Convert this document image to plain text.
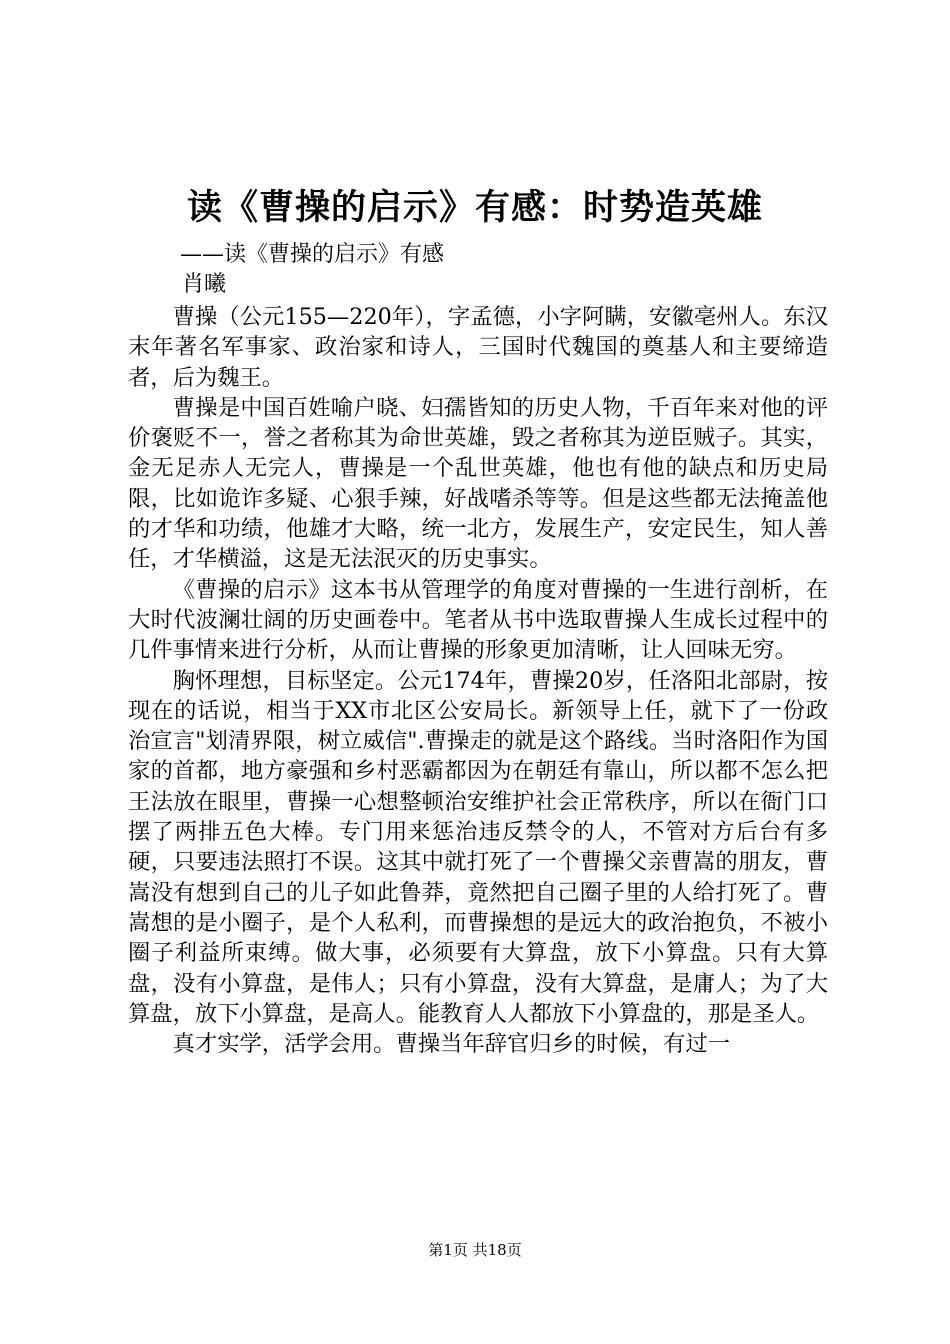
读《曹操的启示》有感：时势造英雄
——读《曹操的启示》有感
肖曦

曹操（公元155—220年），字孟德，小字阿瞒，安徽亳州人。东汉末年著名军事家、政治家和诗人，三国时代魏国的奠基人和主要缔造者，后为魏王。

曹操是中国百姓喻户晓、妇孺皆知的历史人物，千百年来对他的评价褒贬不一，誉之者称其为命世英雄，毁之者称其为逆臣贼子。其实，金无足赤人无完人，曹操是一个乱世英雄，他也有他的缺点和历史局限，比如诡诈多疑、心狠手辣，好战嗜杀等等。但是这些都无法掩盖他的才华和功绩，他雄才大略，统一北方，发展生产，安定民生，知人善任，才华横溢，这是无法泯灭的历史事实。

《曹操的启示》这本书从管理学的角度对曹操的一生进行剖析，在大时代波澜壮阔的历史画卷中。笔者从书中选取曹操人生成长过程中的几件事情来进行分析，从而让曹操的形象更加清晰，让人回味无穷。

胸怀理想，目标坚定。公元174年，曹操20岁，任洛阳北部尉，按现在的话说，相当于XX市北区公安局长。新领导上任，就下了一份政治宣言"划清界限，树立威信".曹操走的就是这个路线。当时洛阳作为国家的首都，地方豪强和乡村恶霸都因为在朝廷有靠山，所以都不怎么把王法放在眼里，曹操一心想整顿治安维护社会正常秩序，所以在衙门口摆了两排五色大棒。专门用来惩治违反禁令的人，不管对方后台有多硬，只要违法照打不误。这其中就打死了一个曹操父亲曹嵩的朋友，曹嵩没有想到自己的儿子如此鲁莽，竟然把自己圈子里的人给打死了。曹嵩想的是小圈子，是个人私利，而曹操想的是远大的政治抱负，不被小圈子利益所束缚。做大事，必须要有大算盘，放下小算盘。只有大算盘，没有小算盘，是伟人；只有小算盘，没有大算盘，是庸人；为了大算盘，放下小算盘，是高人。能教育人人都放下小算盘的，那是圣人。

真才实学，活学会用。曹操当年辞官归乡的时候，有过一

第1页 共18页
